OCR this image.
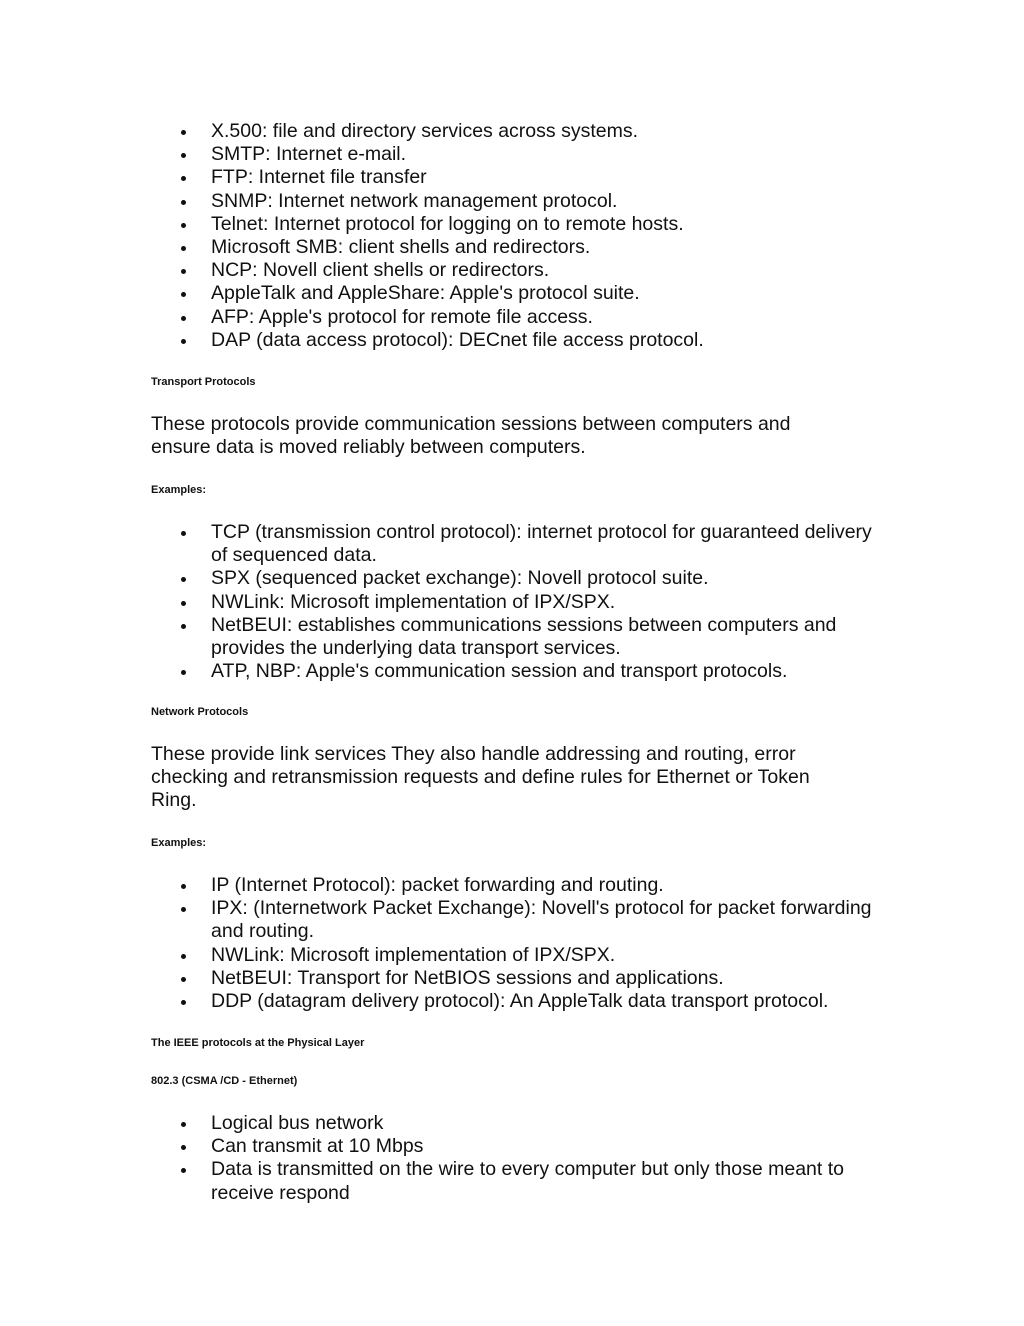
X.500: file and directory services across systems.
SMTP: Internet e-mail.
FTP: Internet file transfer
SNMP: Internet network management protocol.
Telnet: Internet protocol for logging on to remote hosts.
Microsoft SMB: client shells and redirectors.
NCP: Novell client shells or redirectors.
AppleTalk and AppleShare: Apple's protocol suite.
AFP: Apple's protocol for remote file access.
DAP (data access protocol): DECnet file access protocol.
Transport Protocols
These protocols provide communication sessions between computers and ensure data is moved reliably between computers.
Examples:
TCP (transmission control protocol): internet protocol for guaranteed delivery of sequenced data.
SPX (sequenced packet exchange): Novell protocol suite.
NWLink: Microsoft implementation of IPX/SPX.
NetBEUI: establishes communications sessions between computers and provides the underlying data transport services.
ATP, NBP: Apple's communication session and transport protocols.
Network Protocols
These provide link services They also handle addressing and routing, error checking and retransmission requests and define rules for Ethernet or Token Ring.
Examples:
IP (Internet Protocol): packet forwarding and routing.
IPX: (Internetwork Packet Exchange): Novell's protocol for packet forwarding and routing.
NWLink: Microsoft implementation of IPX/SPX.
NetBEUI: Transport for NetBIOS sessions and applications.
DDP (datagram delivery protocol): An AppleTalk data transport protocol.
The IEEE protocols at the Physical Layer
802.3 (CSMA /CD - Ethernet)
Logical bus network
Can transmit at 10 Mbps
Data is transmitted on the wire to every computer but only those meant to receive respond
